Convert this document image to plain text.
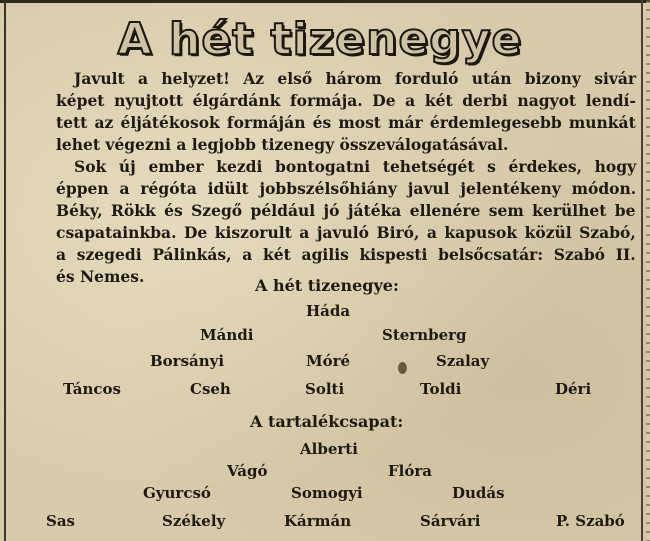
A hét tizenegye
Javult a helyzet! Az első három forduló után bizony sivár
képet nyujtott élgárdánk formája. De a két derbi nagyot lendí-
tett az éljátékosok formáján és most már érdemlegesebb munkát
lehet végezni a legjobb tizenegy összeválogatásával.
Sok új ember kezdi bontogatni tehetségét s érdekes, hogy
éppen a régóta idült jobbszélsőhiány javul jelentékeny módon.
Béky, Rökk és Szegő például jó játéka ellenére sem kerülhet be
csapatainkba. De kiszorult a javuló Biró, a kapusok közül Szabó,
a szegedi Pálinkás, a két agilis kispesti belsőcsatár: Szabó II.
és Nemes.	A hét tizenegye:
Háda
Mándi	Sternberg
Borsányi	Móré	Szalay
Táncos	Cseh	Solti	Toldi	Déri
A tartalékcsapat:
Alberti
Vágó	Flóra
Gyurcsó	Somogyi	Dudás
Sas	Székely	Kármán	Sárvári	P. Szabó
